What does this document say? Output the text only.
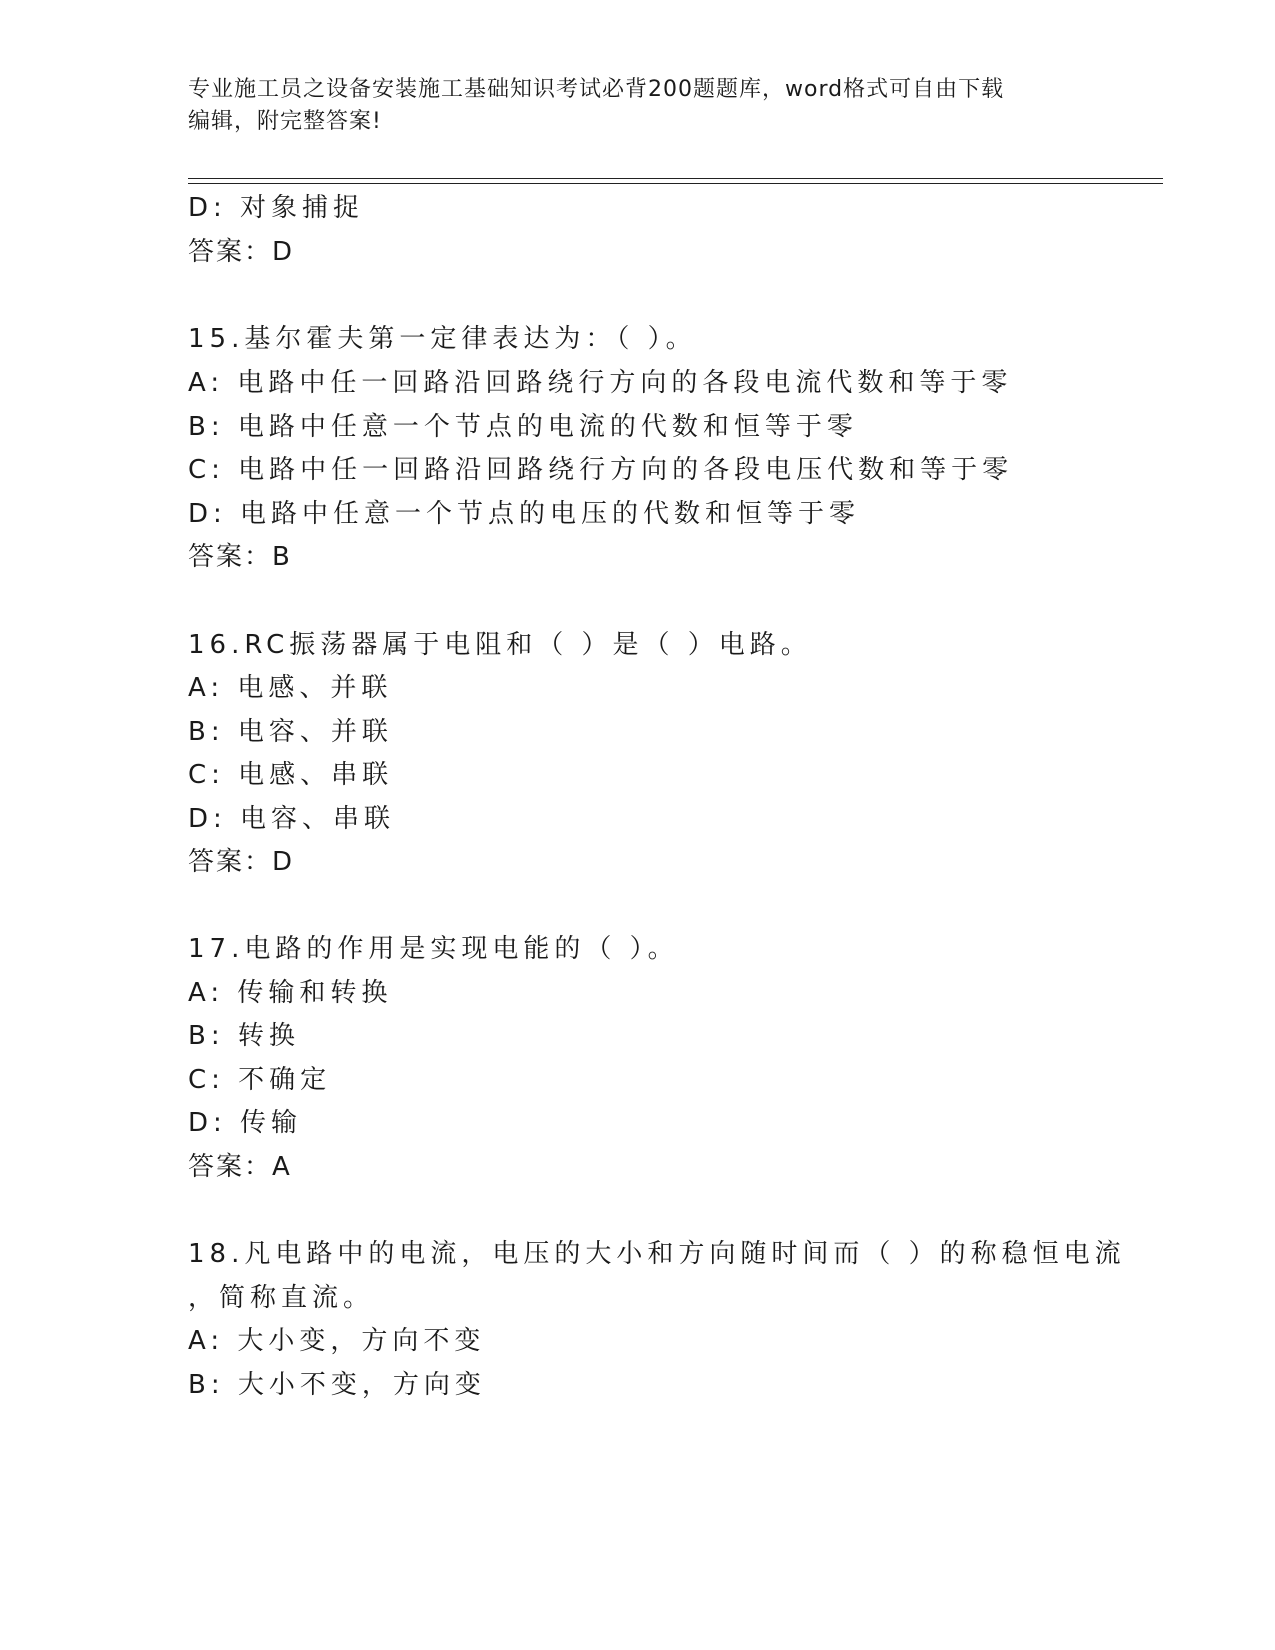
专业施工员之设备安装施工基础知识考试必背200题题库，word格式可自由下载
编辑，附完整答案!
D: 对象捕捉
答案：D
15.基尔霍夫第一定律表达为：（ ）。
A: 电路中任一回路沿回路绕行方向的各段电流代数和等于零
B: 电路中任意一个节点的电流的代数和恒等于零
C: 电路中任一回路沿回路绕行方向的各段电压代数和等于零
D: 电路中任意一个节点的电压的代数和恒等于零
答案：B
16.RC振荡器属于电阻和（ ）是（ ）电路。
A: 电感、并联
B: 电容、并联
C: 电感、串联
D: 电容、串联
答案：D
17.电路的作用是实现电能的（ ）。
A: 传输和转换
B: 转换
C: 不确定
D: 传输
答案：A
18.凡电路中的电流，电压的大小和方向随时间而（ ）的称稳恒电流
，简称直流。
A: 大小变，方向不变
B: 大小不变，方向变
